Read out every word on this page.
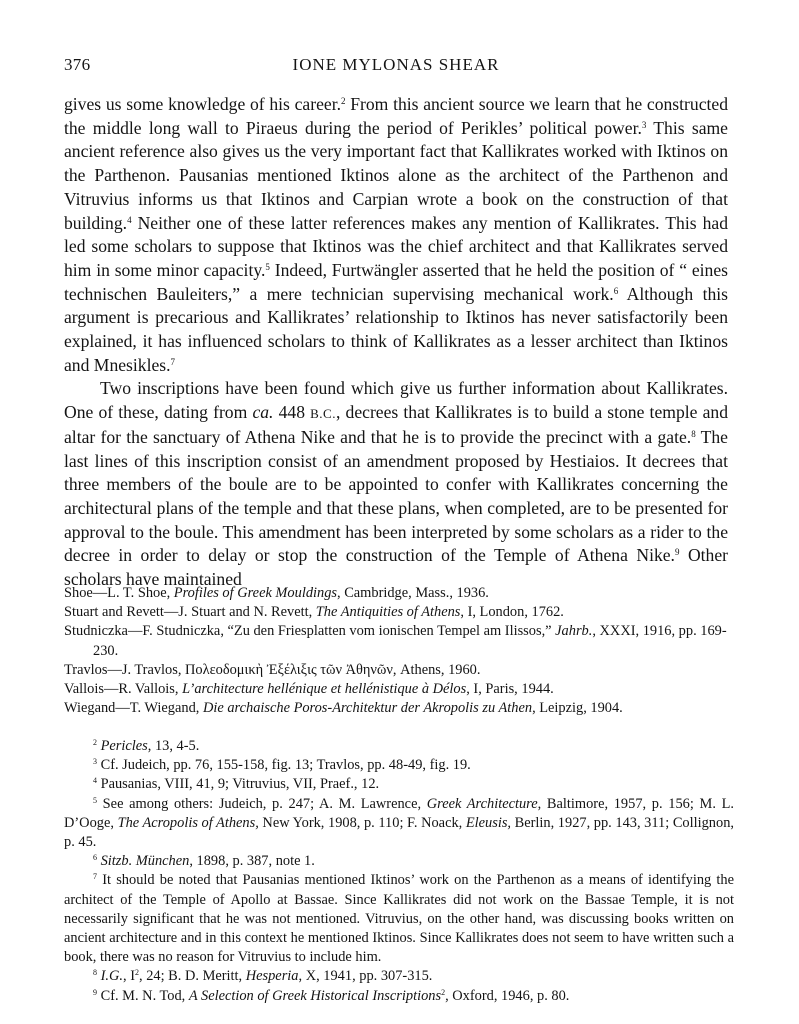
376	IONE MYLONAS SHEAR

gives us some knowledge of his career.$^2$ From this ancient source we learn that he constructed the middle long wall to Piraeus during the period of Perikles’ political power.$^3$ This same ancient reference also gives us the very important fact that Kallikrates worked with Iktinos on the Parthenon. Pausanias mentioned Iktinos alone as the architect of the Parthenon and Vitruvius informs us that Iktinos and Carpian wrote a book on the construction of that building.$^4$ Neither one of these latter references makes any mention of Kallikrates. This had led some scholars to suppose that Iktinos was the chief architect and that Kallikrates served him in some minor capacity.$^5$ Indeed, Furtwängler asserted that he held the position of “ eines technischen Bauleiters,” a mere technician supervising mechanical work.$^6$ Although this argument is precarious and Kallikrates’ relationship to Iktinos has never satisfactorily been explained, it has influenced scholars to think of Kallikrates as a lesser architect than Iktinos and Mnesikles.$^7$

Two inscriptions have been found which give us further information about Kallikrates. One of these, dating from ca. 448 B.C., decrees that Kallikrates is to build a stone temple and altar for the sanctuary of Athena Nike and that he is to provide the precinct with a gate.$^8$ The last lines of this inscription consist of an amendment proposed by Hestiaios. It decrees that three members of the boule are to be appointed to confer with Kallikrates concerning the architectural plans of the temple and that these plans, when completed, are to be presented for approval to the boule. This amendment has been interpreted by some scholars as a rider to the decree in order to delay or stop the construction of the Temple of Athena Nike.$^9$ Other scholars have maintained

Shoe—L. T. Shoe, Profiles of Greek Mouldings, Cambridge, Mass., 1936.

Stuart and Revett—J. Stuart and N. Revett, The Antiquities of Athens, I, London, 1762.

Studniczka—F. Studniczka, “Zu den Friesplatten vom ionischen Tempel am Ilissos,” Jahrb., XXXI, 1916, pp. 169-230.

Travlos—J. Travlos, Πολεοδομικὴ Ἐξέλιξις τῶν Ἀθηνῶν, Athens, 1960.

Vallois—R. Vallois, L’architecture hellénique et hellénistique à Délos, I, Paris, 1944.

Wiegand—T. Wiegand, Die archaische Poros-Architektur der Akropolis zu Athen, Leipzig, 1904.

$^2$ Pericles, 13, 4-5.

$^3$ Cf. Judeich, pp. 76, 155-158, fig. 13; Travlos, pp. 48-49, fig. 19.

$^4$ Pausanias, VIII, 41, 9; Vitruvius, VII, Praef., 12.

$^5$ See among others: Judeich, p. 247; A. M. Lawrence, Greek Architecture, Baltimore, 1957, p. 156; M. L. D’Ooge, The Acropolis of Athens, New York, 1908, p. 110; F. Noack, Eleusis, Berlin, 1927, pp. 143, 311; Collignon, p. 45.

$^6$ Sitzb. München, 1898, p. 387, note 1.

$^7$ It should be noted that Pausanias mentioned Iktinos’ work on the Parthenon as a means of identifying the architect of the Temple of Apollo at Bassae. Since Kallikrates did not work on the Bassae Temple, it is not necessarily significant that he was not mentioned. Vitruvius, on the other hand, was discussing books written on ancient architecture and in this context he mentioned Iktinos. Since Kallikrates does not seem to have written such a book, there was no reason for Vitruvius to include him.

$^8$ I.G., $I^2$, 24; B. D. Meritt, Hesperia, X, 1941, pp. 307-315.

$^9$ Cf. M. N. Tod, A Selection of Greek Historical Inscriptions$^2$, Oxford, 1946, p. 80.
